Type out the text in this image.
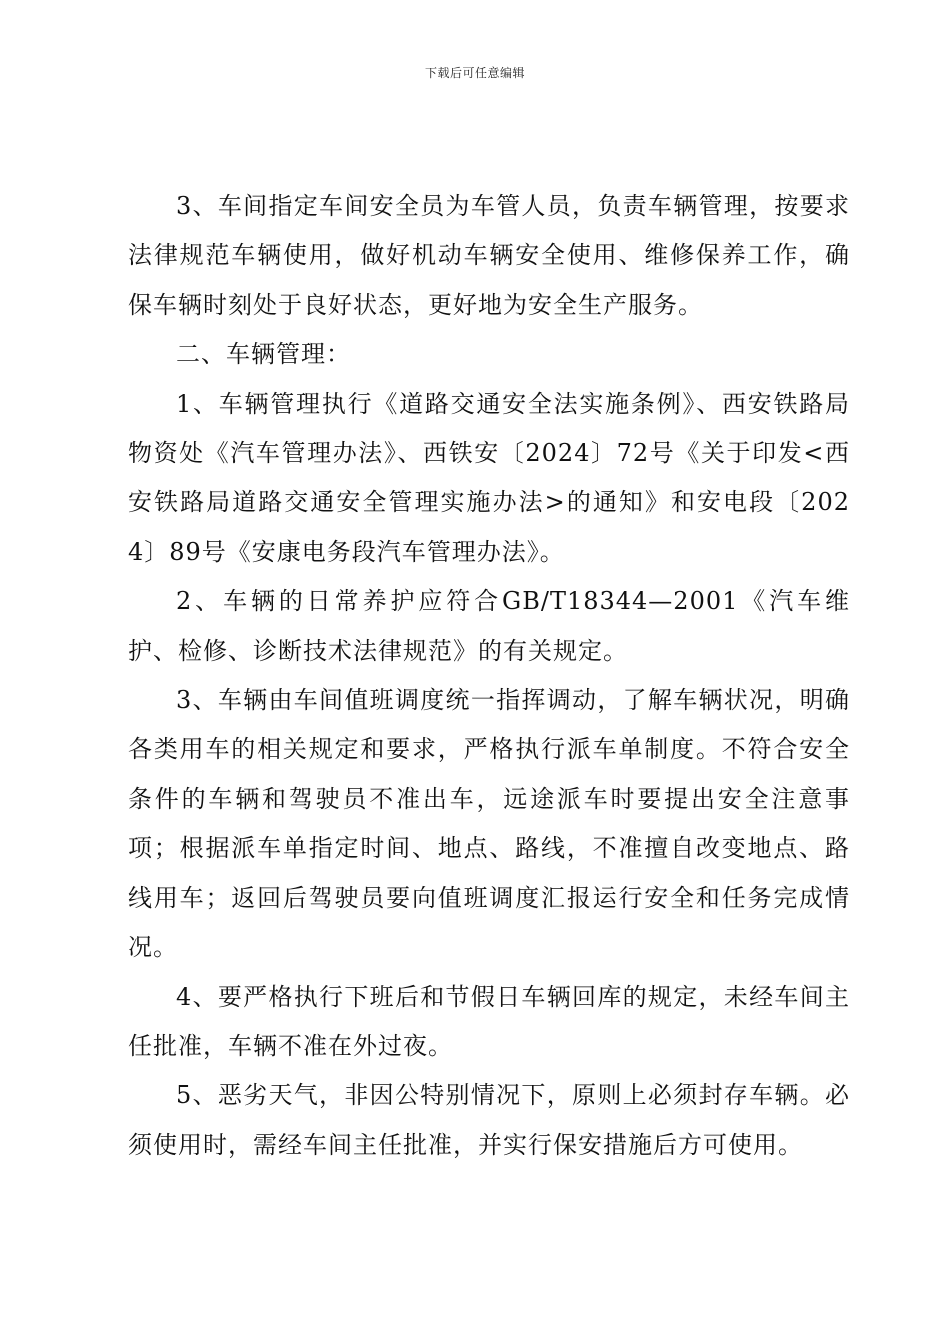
下载后可任意编辑

3、车间指定车间安全员为车管人员，负责车辆管理，按要求法律规范车辆使用，做好机动车辆安全使用、维修保养工作，确保车辆时刻处于良好状态，更好地为安全生产服务。

二、车辆管理：

1、车辆管理执行《道路交通安全法实施条例》、西安铁路局物资处《汽车管理办法》、西铁安〔2024〕72号《关于印发<西安铁路局道路交通安全管理实施办法>的通知》和安电段〔2024〕89号《安康电务段汽车管理办法》。

2、车辆的日常养护应符合GB/T18344—2001《汽车维护、检修、诊断技术法律规范》的有关规定。

3、车辆由车间值班调度统一指挥调动，了解车辆状况，明确各类用车的相关规定和要求，严格执行派车单制度。不符合安全条件的车辆和驾驶员不准出车，远途派车时要提出安全注意事项；根据派车单指定时间、地点、路线，不准擅自改变地点、路线用车；返回后驾驶员要向值班调度汇报运行安全和任务完成情况。

4、要严格执行下班后和节假日车辆回库的规定，未经车间主任批准，车辆不准在外过夜。

5、恶劣天气，非因公特别情况下，原则上必须封存车辆。必须使用时，需经车间主任批准，并实行保安措施后方可使用。
